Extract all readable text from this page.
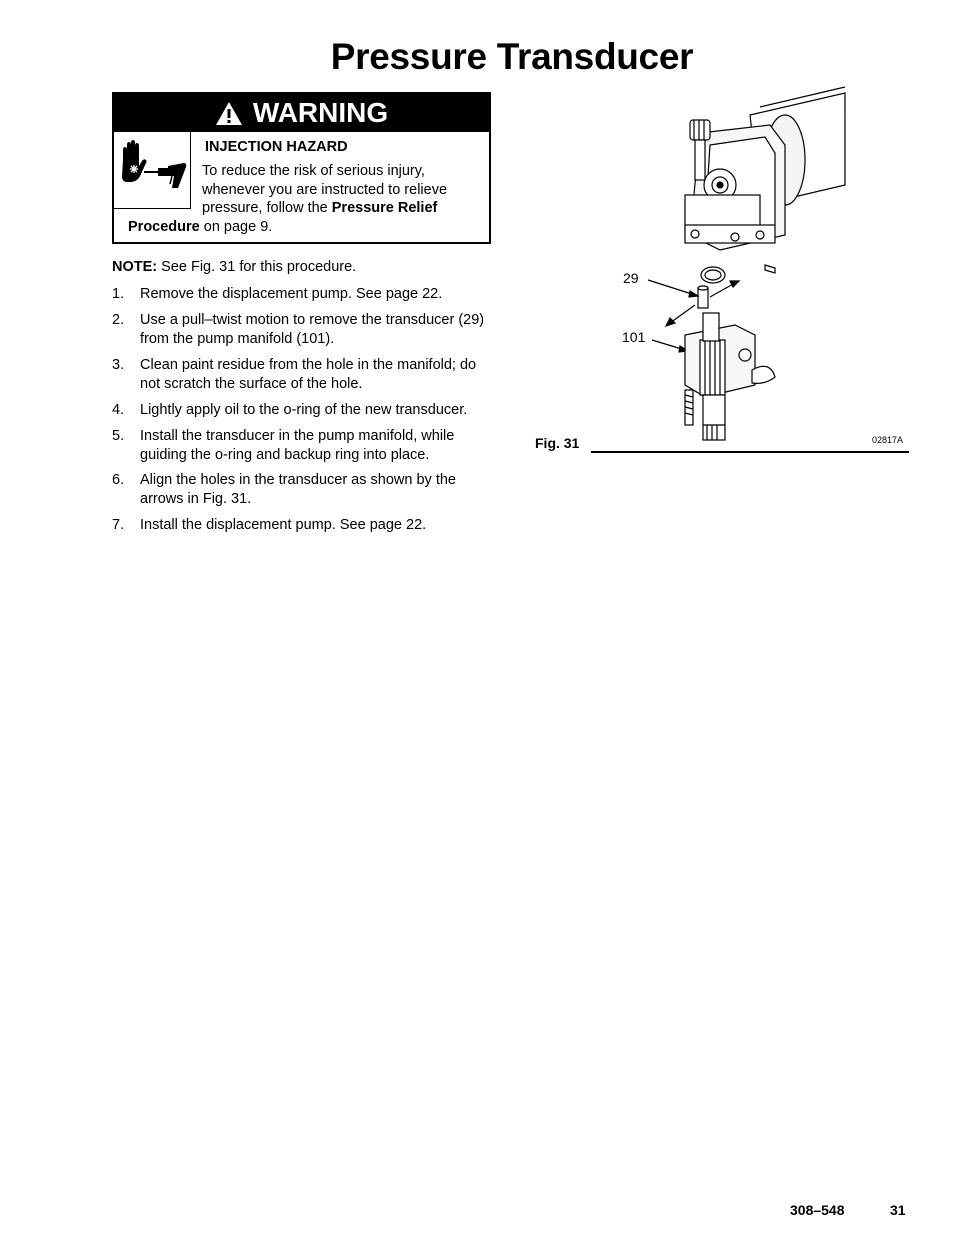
Pressure Transducer
WARNING
INJECTION HAZARD
To reduce the risk of serious injury, whenever you are instructed to relieve pressure, follow the Pressure Relief
Procedure on page 9.
NOTE: See Fig. 31 for this procedure.
1.	Remove the displacement pump. See page 22.
2.	Use a pull–twist motion to remove the transducer (29) from the pump manifold (101).
3.	Clean paint residue from the hole in the manifold; do not scratch the surface of the hole.
4.	Lightly apply oil to the o-ring of the new transducer.
5.	Install the transducer in the pump manifold, while guiding the o-ring and backup ring into place.
6.	Align the holes in the transducer as shown by the arrows in Fig. 31.
7.	Install the displacement pump. See page 22.
29
101
Fig. 31	02817A
308–548	31
